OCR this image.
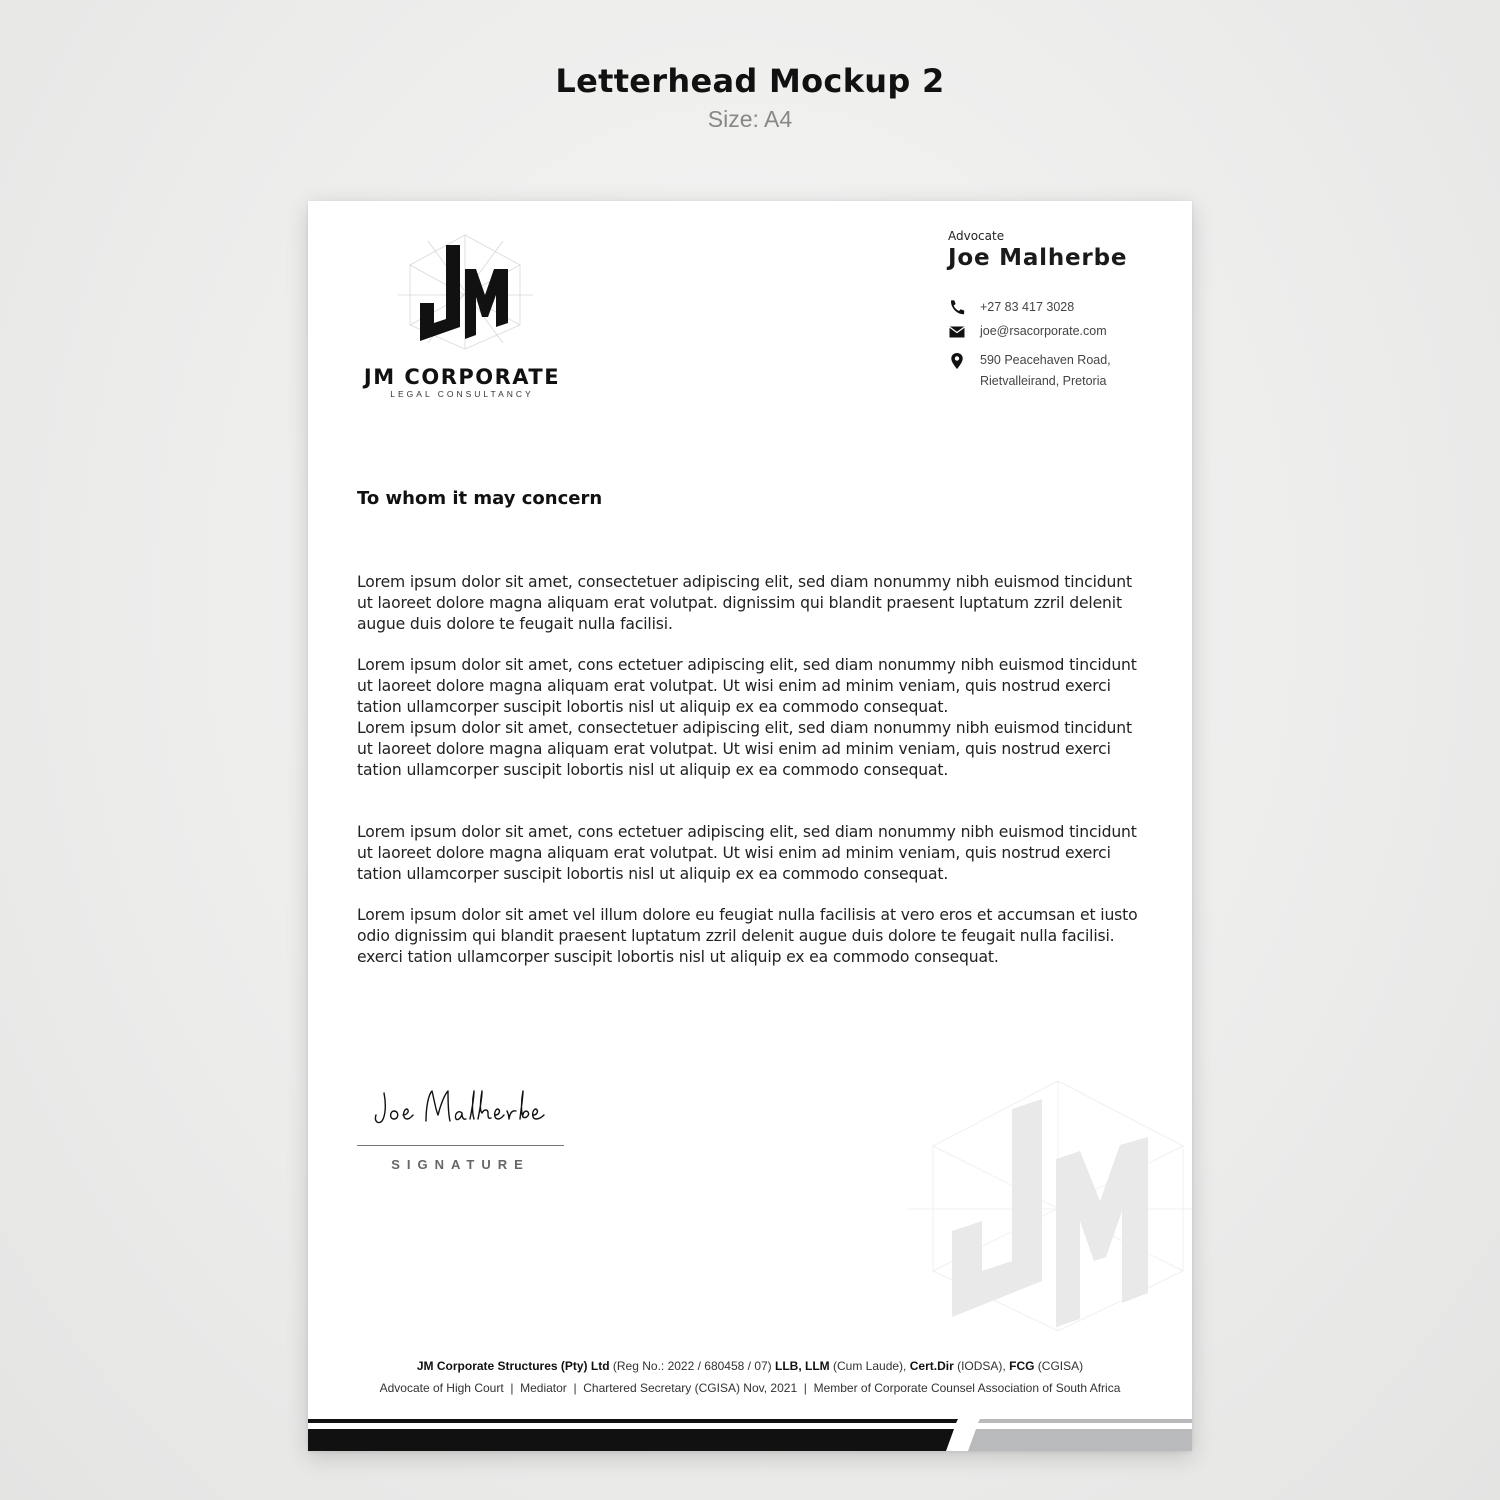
Letterhead Mockup 2
Size: A4
JM CORPORATE
LEGAL CONSULTANCY
Advocate
Joe Malherbe
+27 83 417 3028
joe@rsacorporate.com
590 Peacehaven Road,
Rietvalleirand, Pretoria
To whom it may concern
Lorem ipsum dolor sit amet, consectetuer adipiscing elit, sed diam nonummy nibh euismod tincidunt ut laoreet dolore magna aliquam erat volutpat. dignissim qui blandit praesent luptatum zzril delenit augue duis dolore te feugait nulla facilisi.
Lorem ipsum dolor sit amet, cons ectetuer adipiscing elit, sed diam nonummy nibh euismod tincidunt ut laoreet dolore magna aliquam erat volutpat. Ut wisi enim ad minim veniam, quis nostrud exerci tation ullamcorper suscipit lobortis nisl ut aliquip ex ea commodo consequat.
Lorem ipsum dolor sit amet, consectetuer adipiscing elit, sed diam nonummy nibh euismod tincidunt ut laoreet dolore magna aliquam erat volutpat. Ut wisi enim ad minim veniam, quis nostrud exerci tation ullamcorper suscipit lobortis nisl ut aliquip ex ea commodo consequat.
Lorem ipsum dolor sit amet, cons ectetuer adipiscing elit, sed diam nonummy nibh euismod tincidunt ut laoreet dolore magna aliquam erat volutpat. Ut wisi enim ad minim veniam, quis nostrud exerci tation ullamcorper suscipit lobortis nisl ut aliquip ex ea commodo consequat.
Lorem ipsum dolor sit amet vel illum dolore eu feugiat nulla facilisis at vero eros et accumsan et iusto odio dignissim qui blandit praesent luptatum zzril delenit augue duis dolore te feugait nulla facilisi. exerci tation ullamcorper suscipit lobortis nisl ut aliquip ex ea commodo consequat.
SIGNATURE
JM Corporate Structures (Pty) Ltd (Reg No.: 2022 / 680458 / 07) LLB, LLM (Cum Laude), Cert.Dir (IODSA), FCG (CGISA)
Advocate of High Court  |  Mediator  |  Chartered Secretary (CGISA) Nov, 2021  |  Member of Corporate Counsel Association of South Africa
